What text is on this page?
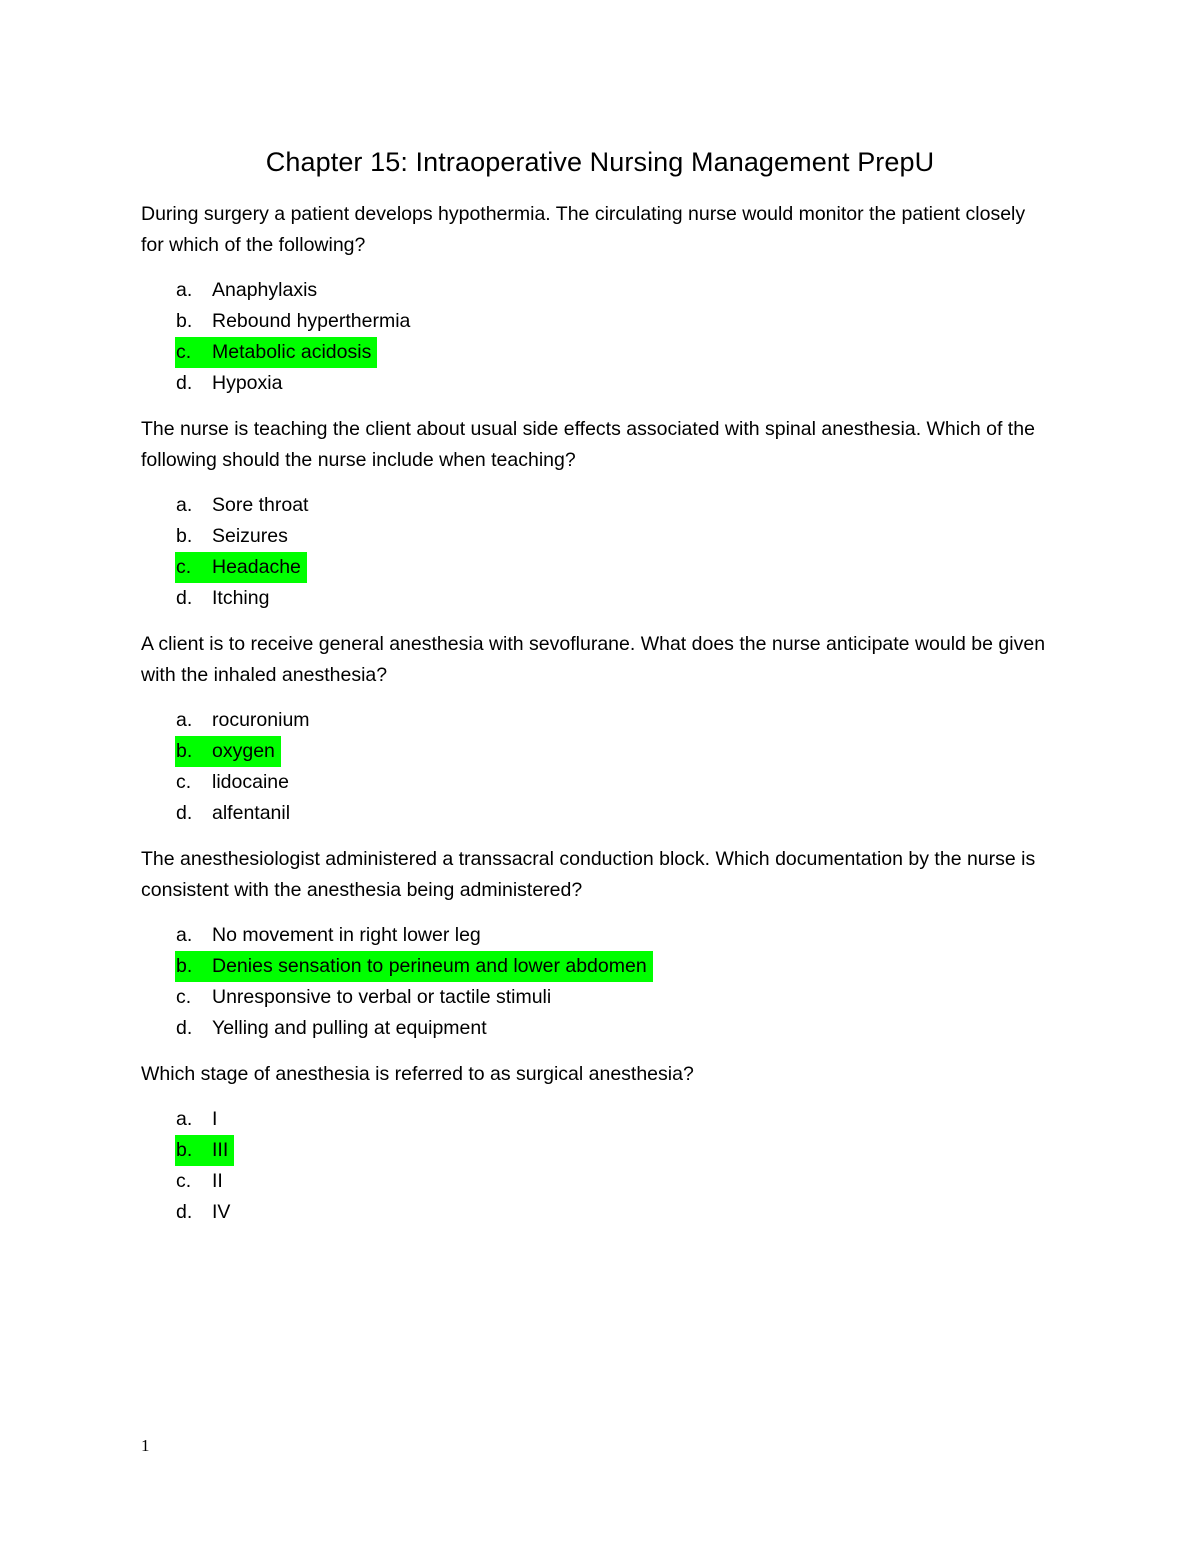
Chapter 15: Intraoperative Nursing Management PrepU

During surgery a patient develops hypothermia. The circulating nurse would monitor the patient closely for which of the following?

a. Anaphylaxis
b. Rebound hyperthermia
c. Metabolic acidosis
d. Hypoxia

The nurse is teaching the client about usual side effects associated with spinal anesthesia. Which of the following should the nurse include when teaching?

a. Sore throat
b. Seizures
c. Headache
d. Itching

A client is to receive general anesthesia with sevoflurane. What does the nurse anticipate would be given with the inhaled anesthesia?

a. rocuronium
b. oxygen
c. lidocaine
d. alfentanil

The anesthesiologist administered a transsacral conduction block. Which documentation by the nurse is consistent with the anesthesia being administered?

a. No movement in right lower leg
b. Denies sensation to perineum and lower abdomen
c. Unresponsive to verbal or tactile stimuli
d. Yelling and pulling at equipment

Which stage of anesthesia is referred to as surgical anesthesia?

a. I
b. III
c. II
d. IV
1
